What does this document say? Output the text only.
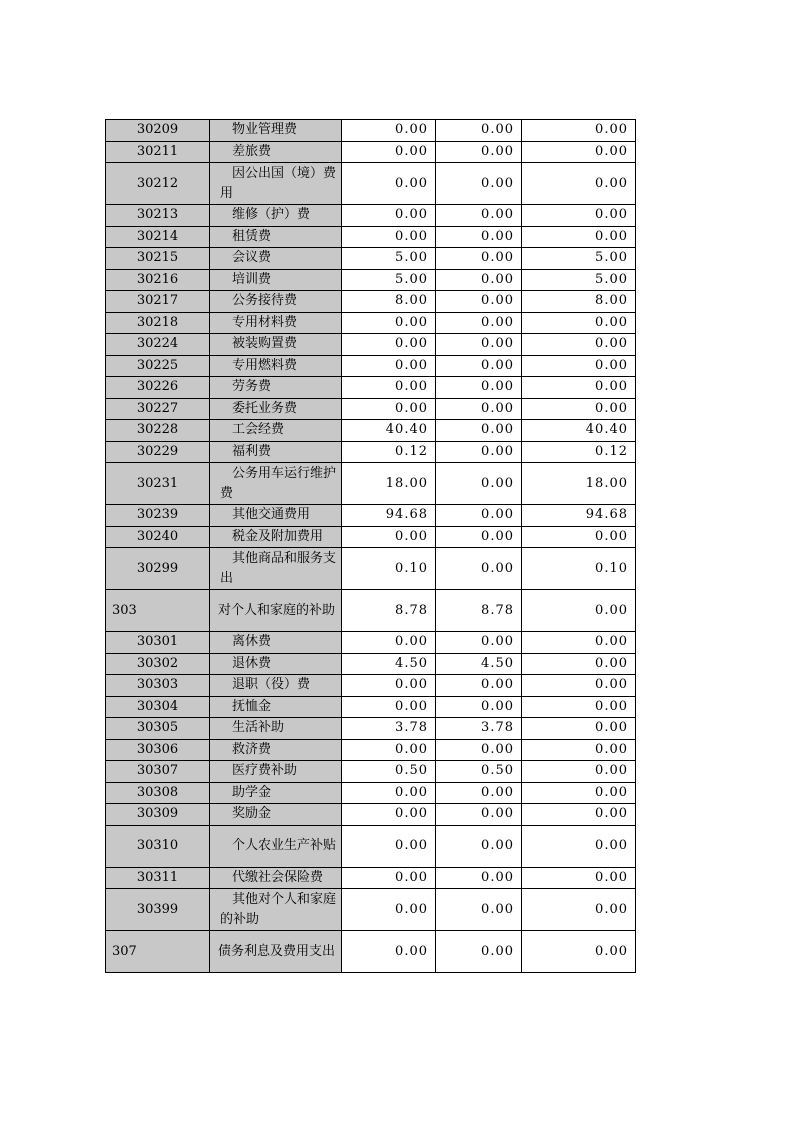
30209	物业管理费	0.00	0.00	0.00
30211	差旅费	0.00	0.00	0.00
30212	因公出国（境）费用	0.00	0.00	0.00
30213	维修（护）费	0.00	0.00	0.00
30214	租赁费	0.00	0.00	0.00
30215	会议费	5.00	0.00	5.00
30216	培训费	5.00	0.00	5.00
30217	公务接待费	8.00	0.00	8.00
30218	专用材料费	0.00	0.00	0.00
30224	被装购置费	0.00	0.00	0.00
30225	专用燃料费	0.00	0.00	0.00
30226	劳务费	0.00	0.00	0.00
30227	委托业务费	0.00	0.00	0.00
30228	工会经费	40.40	0.00	40.40
30229	福利费	0.12	0.00	0.12
30231	公务用车运行维护费	18.00	0.00	18.00
30239	其他交通费用	94.68	0.00	94.68
30240	税金及附加费用	0.00	0.00	0.00
30299	其他商品和服务支出	0.10	0.00	0.10
303	对个人和家庭的补助	8.78	8.78	0.00
30301	离休费	0.00	0.00	0.00
30302	退休费	4.50	4.50	0.00
30303	退职（役）费	0.00	0.00	0.00
30304	抚恤金	0.00	0.00	0.00
30305	生活补助	3.78	3.78	0.00
30306	救济费	0.00	0.00	0.00
30307	医疗费补助	0.50	0.50	0.00
30308	助学金	0.00	0.00	0.00
30309	奖励金	0.00	0.00	0.00
30310	个人农业生产补贴	0.00	0.00	0.00
30311	代缴社会保险费	0.00	0.00	0.00
30399	其他对个人和家庭的补助	0.00	0.00	0.00
307	债务利息及费用支出	0.00	0.00	0.00
